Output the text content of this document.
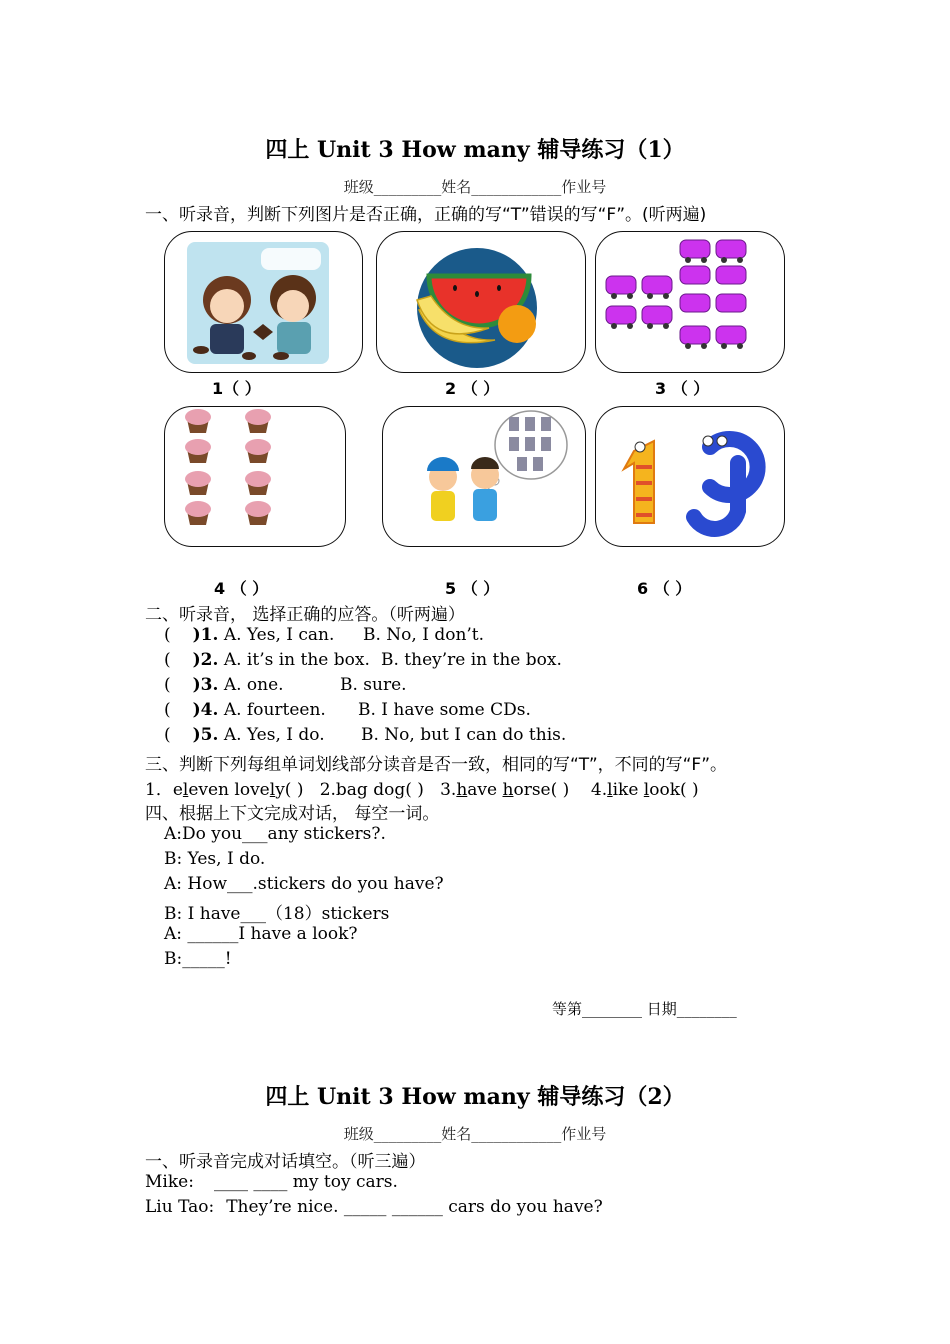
四上 Unit 3 How many 辅导练习（1）
班级_________姓名____________作业号
一、听录音，判断下列图片是否正确，正确的写“T”错误的写“F”。(听两遍)
1（ ）	2 （ ）	3 （ ）
4 （ ）	5 （ ）	6 （ ）
二、听录音， 选择正确的应答。（听两遍）
( )1. A. Yes, I can. B. No, I don’t.
( )2. A. it’s in the box. B. they’re in the box.
( )3. A. one.	B. sure.
( )4. A. fourteen. B. I have some CDs.
( )5. A. Yes, I do. B. No, but I can do this.
三、判断下列每组单词划线部分读音是否一致，相同的写“T”，不同的写“F”。
1．eleven lovely( ) 2.bag dog( ) 3.have horse( ) 4.like look( )
四、根据上下文完成对话， 每空一词。
A:Do you___any stickers?.
B: Yes, I do.
A: How___.stickers do you have?
B: I have___（18）stickers
A: ______I have a look?
B:_____!
等第________ 日期________
四上 Unit 3 How many 辅导练习（2）
班级_________姓名____________作业号
一、听录音完成对话填空。（听三遍）
Mike: ____ ____ my toy cars.
Liu Tao: They’re nice. _____ ______ cars do you have?
